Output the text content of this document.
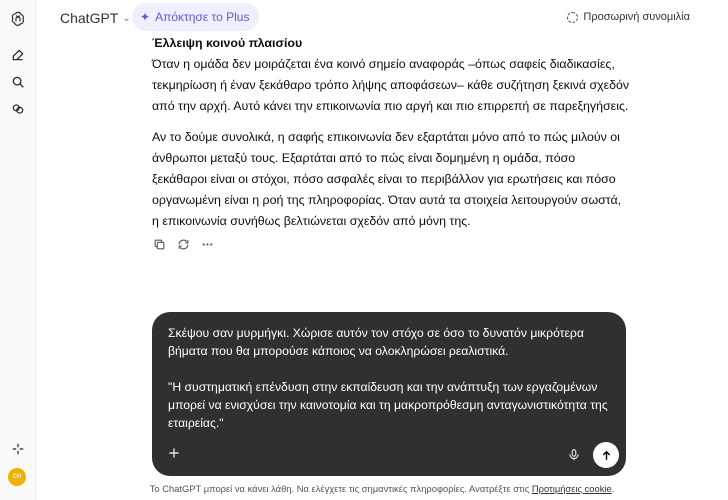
CH
ChatGPT ⌄ ✦ Απόκτησε το Plus	Προσωρινή συνομιλία
Έλλειψη κοινού πλαισίου

Όταν η ομάδα δεν μοιράζεται ένα κοινό σημείο αναφοράς –όπως σαφείς διαδικασίες, τεκμηρίωση ή έναν ξεκάθαρο τρόπο λήψης αποφάσεων– κάθε συζήτηση ξεκινά σχεδόν από την αρχή. Αυτό κάνει την επικοινωνία πιο αργή και πιο επιρρεπή σε παρεξηγήσεις.

Αν το δούμε συνολικά, η σαφής επικοινωνία δεν εξαρτάται μόνο από το πώς μιλούν οι άνθρωποι μεταξύ τους. Εξαρτάται από το πώς είναι δομημένη η ομάδα, πόσο ξεκάθαροι είναι οι στόχοι, πόσο ασφαλές είναι το περιβάλλον για ερωτήσεις και πόσο οργανωμένη είναι η ροή της πληροφορίας. Όταν αυτά τα στοιχεία λειτουργούν σωστά, η επικοινωνία συνήθως βελτιώνεται σχεδόν από μόνη της.

Σκέψου σαν μυρμήγκι. Χώρισε αυτόν τον στόχο σε όσο το δυνατόν μικρότερα βήματα που θα μπορούσε κάποιος να ολοκληρώσει ρεαλιστικά.

"Η συστηματική επένδυση στην εκπαίδευση και την ανάπτυξη των εργαζομένων μπορεί να ενισχύσει την καινοτομία και τη μακροπρόθεσμη ανταγωνιστικότητα της εταιρείας."
Το ChatGPT μπορεί να κάνει λάθη. Να ελέγχετε τις σημαντικές πληροφορίες. Ανατρέξτε στις Προτιμήσεις cookie.
